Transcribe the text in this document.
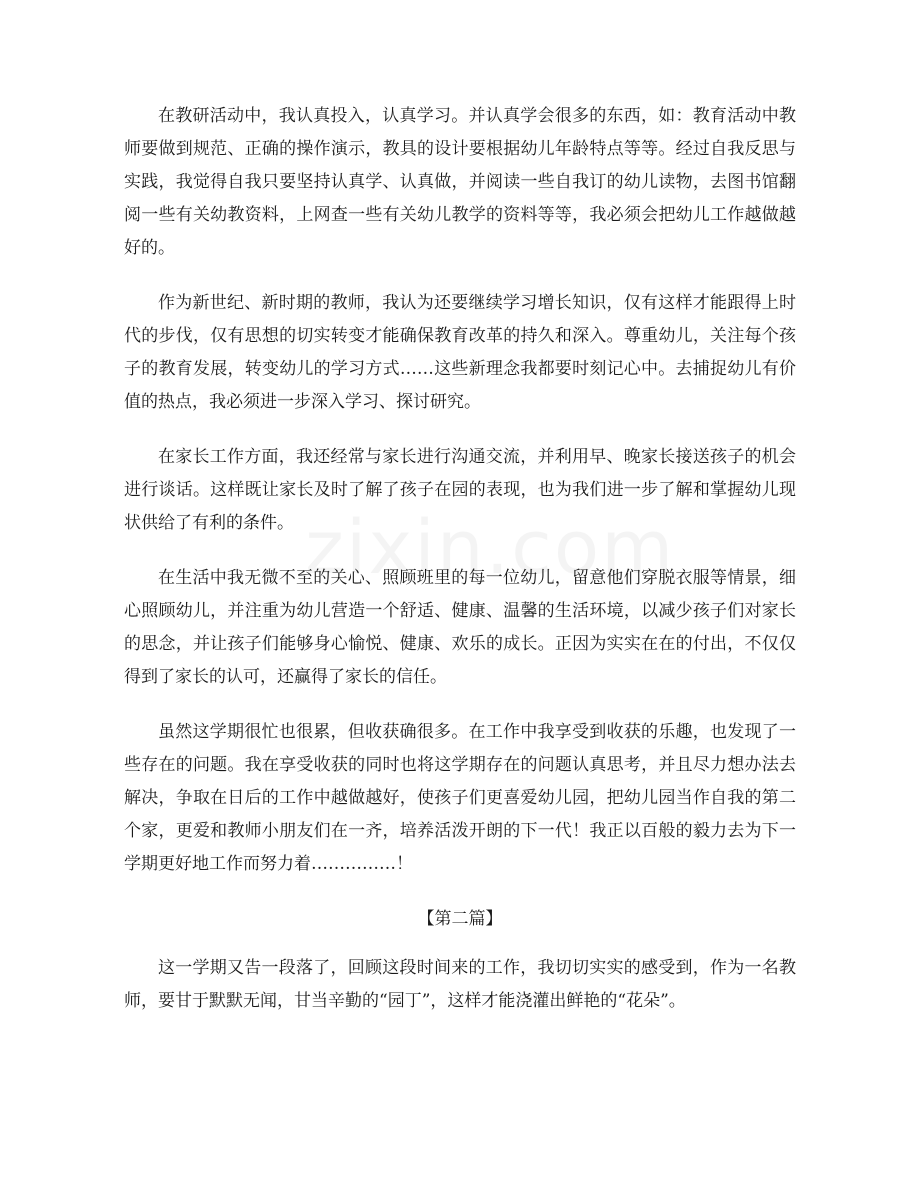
在教研活动中，我认真投入，认真学习。并认真学会很多的东西，如：教育活动中教师要做到规范、正确的操作演示，教具的设计要根据幼儿年龄特点等等。经过自我反思与实践，我觉得自我只要坚持认真学、认真做，并阅读一些自我订的幼儿读物，去图书馆翻阅一些有关幼教资料，上网查一些有关幼儿教学的资料等等，我必须会把幼儿工作越做越好的。

作为新世纪、新时期的教师，我认为还要继续学习增长知识，仅有这样才能跟得上时代的步伐，仅有思想的切实转变才能确保教育改革的持久和深入。尊重幼儿，关注每个孩子的教育发展，转变幼儿的学习方式……这些新理念我都要时刻记心中。去捕捉幼儿有价值的热点，我必须进一步深入学习、探讨研究。

在家长工作方面，我还经常与家长进行沟通交流，并利用早、晚家长接送孩子的机会进行谈话。这样既让家长及时了解了孩子在园的表现，也为我们进一步了解和掌握幼儿现状供给了有利的条件。

在生活中我无微不至的关心、照顾班里的每一位幼儿，留意他们穿脱衣服等情景，细心照顾幼儿，并注重为幼儿营造一个舒适、健康、温馨的生活环境，以减少孩子们对家长的思念，并让孩子们能够身心愉悦、健康、欢乐的成长。正因为实实在在的付出，不仅仅得到了家长的认可，还赢得了家长的信任。

虽然这学期很忙也很累，但收获确很多。在工作中我享受到收获的乐趣，也发现了一些存在的问题。我在享受收获的同时也将这学期存在的问题认真思考，并且尽力想办法去解决，争取在日后的工作中越做越好，使孩子们更喜爱幼儿园，把幼儿园当作自我的第二个家，更爱和教师小朋友们在一齐，培养活泼开朗的下一代！我正以百般的毅力去为下一学期更好地工作而努力着……………！

【第二篇】

这一学期又告一段落了，回顾这段时间来的工作，我切切实实的感受到，作为一名教师，要甘于默默无闻，甘当辛勤的“园丁”，这样才能浇灌出鲜艳的“花朵”。
